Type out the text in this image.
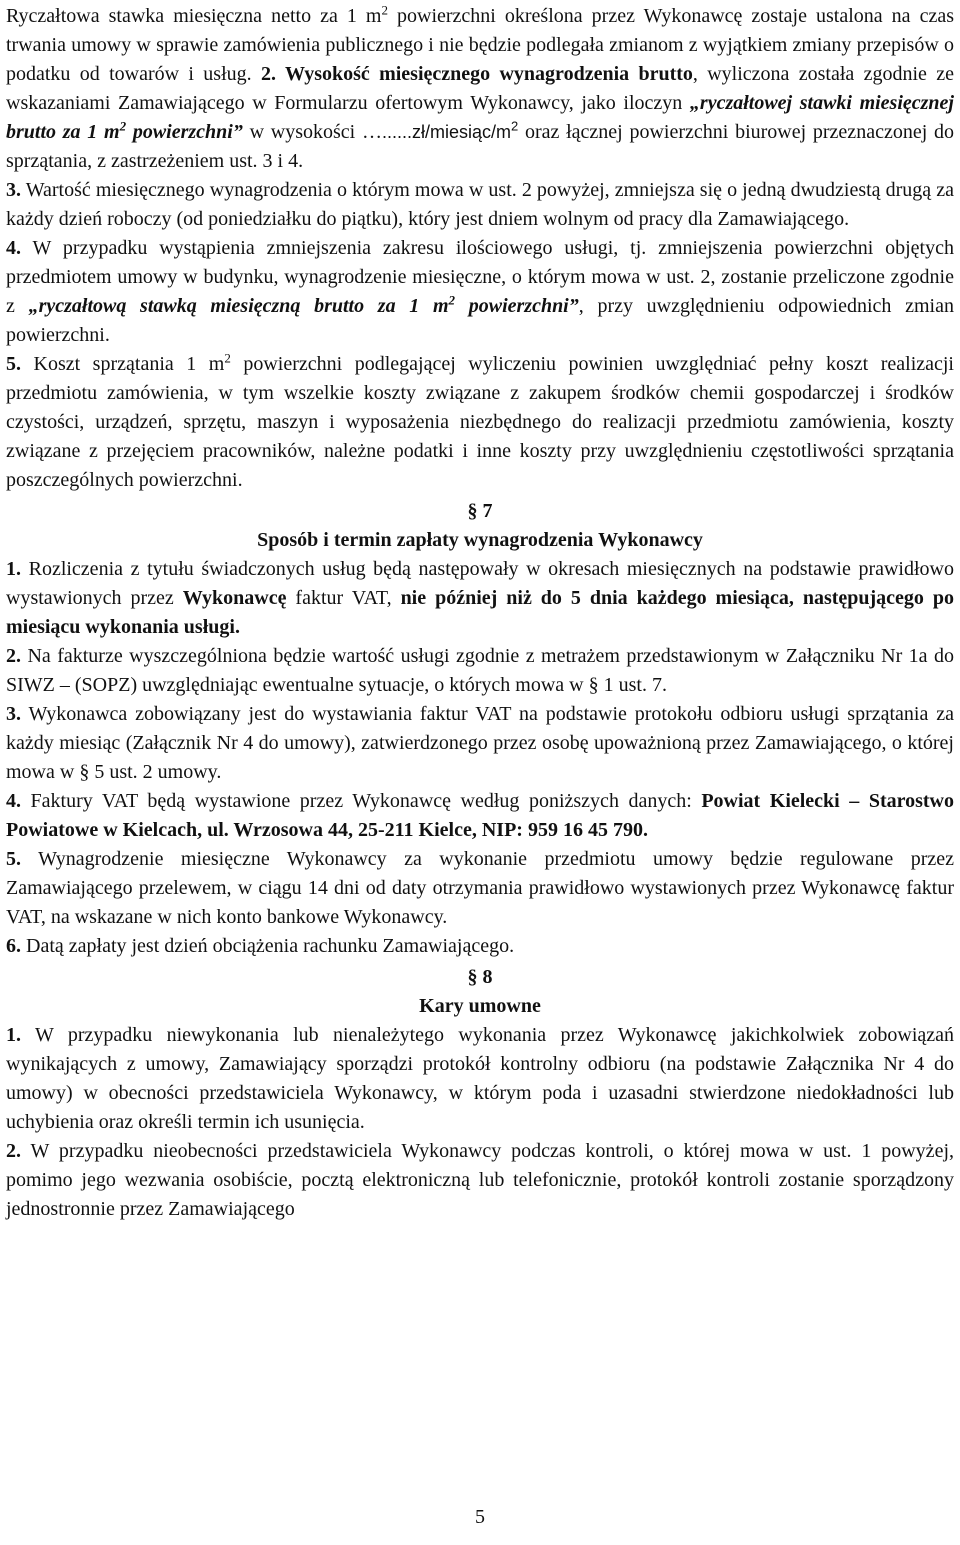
Ryczałtowa stawka miesięczna netto za 1 $m^2$ powierzchni określona przez Wykonawcę zostaje ustalona na czas trwania umowy w sprawie zamówienia publicznego i nie będzie podlegała zmianom z wyjątkiem zmiany przepisów o podatku od towarów i usług. 2. Wysokość miesięcznego wynagrodzenia brutto, wyliczona została zgodnie ze wskazaniami Zamawiającego w Formularzu ofertowym Wykonawcy, jako iloczyn „ryczałtowej stawki miesięcznej brutto za 1 $m^2$ powierzchni” w wysokości $\dots......zł/miesiąc/m^2$ oraz łącznej powierzchni biurowej przeznaczonej do sprzątania, z zastrzeżeniem ust. 3 i 4.

3. Wartość miesięcznego wynagrodzenia o którym mowa w ust. 2 powyżej, zmniejsza się o jedną dwudziestą drugą za każdy dzień roboczy (od poniedziałku do piątku), który jest dniem wolnym od pracy dla Zamawiającego.

4. W przypadku wystąpienia zmniejszenia zakresu ilościowego usługi, tj. zmniejszenia powierzchni objętych przedmiotem umowy w budynku, wynagrodzenie miesięczne, o którym mowa w ust. 2, zostanie przeliczone zgodnie z „ryczałtową stawką miesięczną brutto za 1 $m^2$ powierzchni”, przy uwzględnieniu odpowiednich zmian powierzchni.

5. Koszt sprzątania 1 $m^2$ powierzchni podlegającej wyliczeniu powinien uwzględniać pełny koszt realizacji przedmiotu zamówienia, w tym wszelkie koszty związane z zakupem środków chemii gospodarczej i środków czystości, urządzeń, sprzętu, maszyn i wyposażenia niezbędnego do realizacji przedmiotu zamówienia, koszty związane z przejęciem pracowników, należne podatki i inne koszty przy uwzględnieniu częstotliwości sprzątania poszczególnych powierzchni.

§ 7
Sposób i termin zapłaty wynagrodzenia Wykonawcy

1. Rozliczenia z tytułu świadczonych usług będą następowały w okresach miesięcznych na podstawie prawidłowo wystawionych przez Wykonawcę faktur VAT, nie później niż do 5 dnia każdego miesiąca, następującego po miesiącu wykonania usługi.

2. Na fakturze wyszczególniona będzie wartość usługi zgodnie z metrażem przedstawionym w Załączniku Nr 1a do SIWZ – (SOPZ) uwzględniając ewentualne sytuacje, o których mowa w § 1 ust. 7.

3. Wykonawca zobowiązany jest do wystawiania faktur VAT na podstawie protokołu odbioru usługi sprzątania za każdy miesiąc (Załącznik Nr 4 do umowy), zatwierdzonego przez osobę upoważnioną przez Zamawiającego, o której mowa w § 5 ust. 2 umowy.

4. Faktury VAT będą wystawione przez Wykonawcę według poniższych danych: Powiat Kielecki – Starostwo Powiatowe w Kielcach, ul. Wrzosowa 44, 25-211 Kielce, NIP: 959 16 45 790.

5. Wynagrodzenie miesięczne Wykonawcy za wykonanie przedmiotu umowy będzie regulowane przez Zamawiającego przelewem, w ciągu 14 dni od daty otrzymania prawidłowo wystawionych przez Wykonawcę faktur VAT, na wskazane w nich konto bankowe Wykonawcy.

6. Datą zapłaty jest dzień obciążenia rachunku Zamawiającego.

§ 8
Kary umowne

1. W przypadku niewykonania lub nienależytego wykonania przez Wykonawcę jakichkolwiek zobowiązań wynikających z umowy, Zamawiający sporządzi protokół kontrolny odbioru (na podstawie Załącznika Nr 4 do umowy) w obecności przedstawiciela Wykonawcy, w którym poda i uzasadni stwierdzone niedokładności lub uchybienia oraz określi termin ich usunięcia.

2. W przypadku nieobecności przedstawiciela Wykonawcy podczas kontroli, o której mowa w ust. 1 powyżej, pomimo jego wezwania osobiście, pocztą elektroniczną lub telefonicznie, protokół kontroli zostanie sporządzony jednostronnie przez Zamawiającego

5
